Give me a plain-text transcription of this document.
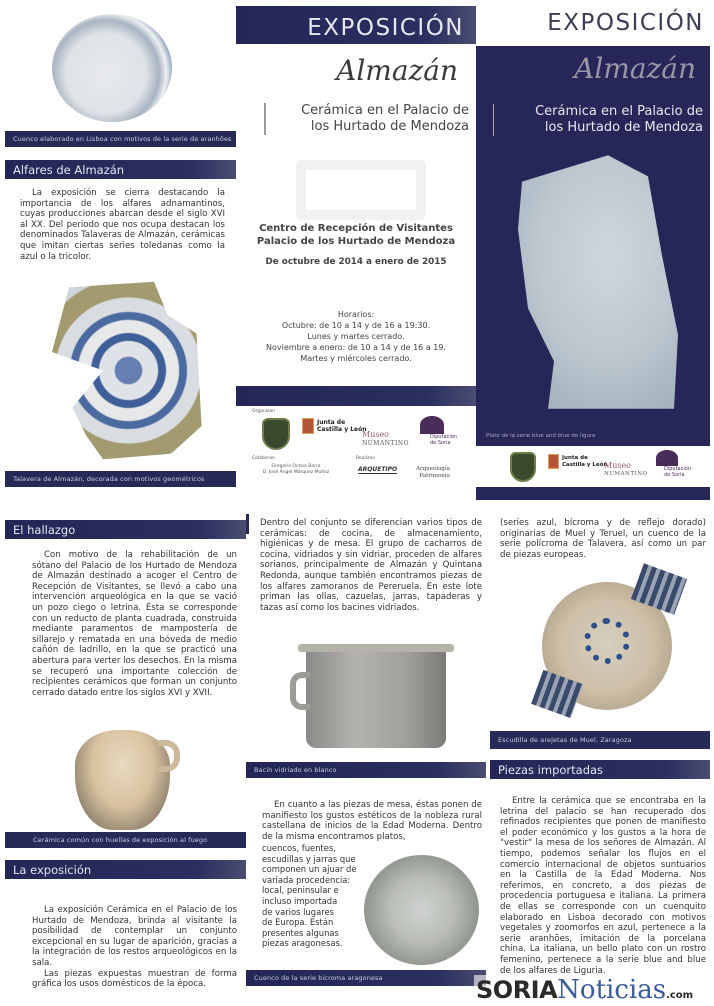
Cuenco elaborado en Lisboa con motivos de la serie de aranhões
Alfares de Almazán

La exposición se cierra destacando la importancia de los alfares adnamantinos, cuyas producciones abarcan desde el siglo XVI al XX. Del periodo que nos ocupa destacan los denominados Talaveras de Almazán, cerámicas que imitan ciertas series toledanas como la azul o la tricolor.

Talavera de Almazán, decorada con motivos geométricos
EXPOSICIÓN
Almazán
Cerámica en el Palacio de
los Hurtado de Mendoza
Centro de Recepción de Visitantes
Palacio de los Hurtado de Mendoza
De octubre de 2014 a enero de 2015
Horarios:
Octubre: de 10 a 14 y de 16 a 19:30.
Lunes y martes cerrado.
Noviembre a enero: de 10 a 14 y de 16 a 19.
Martes y miércoles cerrado.
Organizan
Junta de
Castilla y León
Museo
NUMANTINO
Diputación
de Soria
Colaboran
Gregorio Ochoa Barra
D. José Ángel Márquez Muñoz
Realizan
ARQUETIPO	Arqueología
Patrimonio
EXPOSICIÓN
Almazán
Cerámica en el Palacio de
los Hurtado de Mendoza
Plato de la serie blue and blue de ligure
Junta de
Castilla y León
Museo
NUMANTINO
Diputación
de Soria
El hallazgo

Con motivo de la rehabilitación de un sótano del Palacio de los Hurtado de Mendoza de Almazán destinado a acoger el Centro de Recepción de Visitantes, se llevó a cabo una intervención arqueológica en la que se vació un pozo ciego o letrina. Ésta se corresponde con un reducto de planta cuadrada, construida mediante paramentos de mampostería de sillarejo y rematada en una bóveda de medio cañón de ladrillo, en la que se practicó una abertura para verter los desechos. En la misma se recuperó una importante colección de recipientes cerámicos que forman un conjunto cerrado datado entre los siglos XVI y XVII.

Cerámica común con huellas de exposición al fuego
La exposición

La exposición Cerámica en el Palacio de los Hurtado de Mendoza, brinda al visitante la posibilidad de contemplar un conjunto excepcional en su lugar de aparición, gracias a la integración de los restos arqueológicos en la sala.

Las piezas expuestas muestran de forma gráfica los usos domésticos de la época.

Dentro del conjunto se diferencian varios tipos de cerámicas: de cocina, de almacenamiento, higiénicas y de mesa. El grupo de cacharros de cocina, vidriados y sin vidriar, proceden de alfares sorianos, principalmente de Almazán y Quintana Redonda, aunque también encontramos piezas de los alfares zamoranos de Pereruela. En este lote priman las ollas, cazuelas, jarras, tapaderas y tazas así como los bacines vidriados.

Bacín vidriado en blanco

En cuanto a las piezas de mesa, éstas ponen de manifiesto los gustos estéticos de la nobleza rural castellana de inicios de la Edad Moderna. Dentro de la misma encontramos platos,

cuencos, fuentes,
escudillas y jarras que
componen un ajuar de
variada procedencia:
local, peninsular e
incluso importada
de varios lugares
de Europa. Están
presentes algunas
piezas aragonesas.
Cuenco de la serie bicroma aragonesa

(series azul, bícroma y de reflejo dorado) originarias de Muel y Teruel, un cuenco de la serie polícroma de Talavera, así como un par de piezas europeas.

Escudilla de arejetas de Muel, Zaragoza
Piezas importadas

Entre la cerámica que se encontraba en la letrina del palacio se han recuperado dos refinados recipientes que ponen de manifiesto el poder económico y los gustos a la hora de "vestir" la mesa de los señores de Almazán. Al tiempo, podemos señalar los flujos en el comercio internacional de objetos suntuarios en la Castilla de la Edad Moderna. Nos referimos, en concreto, a dos piezas de procedencia portuguesa e italiana. La primera de ellas se corresponde con un cuenquito elaborado en Lisboa decorado con motivos vegetales y zoomorfos en azul, pertenece a la serie aranhões, imitación de la porcelana china. La italiana, un bello plato con un rostro femenino, pertenece a la serie blue and blue de los alfares de Liguria.

SORIA Noticias .com
